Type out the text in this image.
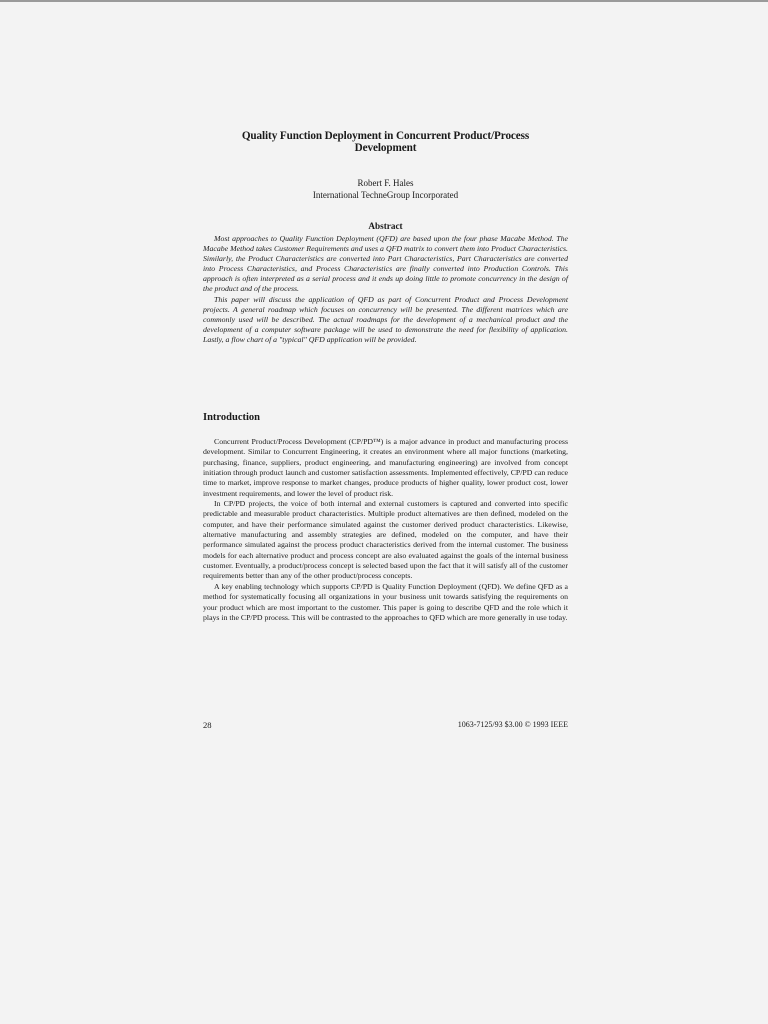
Quality Function Deployment in Concurrent Product/Process
Development
Robert F. Hales
International TechneGroup Incorporated
Abstract

Most approaches to Quality Function Deployment (QFD) are based upon the four phase Macabe Method. The Macabe Method takes Customer Requirements and uses a QFD matrix to convert them into Product Characteristics. Similarly, the Product Characteristics are converted into Part Characteristics, Part Characteristics are converted into Process Characteristics, and Process Characteristics are finally converted into Production Controls. This approach is often interpreted as a serial process and it ends up doing little to promote concurrency in the design of the product and of the process.

This paper will discuss the application of QFD as part of Concurrent Product and Process Development projects. A general roadmap which focuses on concurrency will be presented. The different matrices which are commonly used will be described. The actual roadmaps for the development of a mechanical product and the development of a computer software package will be used to demonstrate the need for flexibility of application. Lastly, a flow chart of a "typical" QFD application will be provided.

Introduction

Concurrent Product/Process Development (CP/PD™) is a major advance in product and manufacturing process development. Similar to Concurrent Engineering, it creates an environment where all major functions (marketing, purchasing, finance, suppliers, product engineering, and manufacturing engineering) are involved from concept initiation through product launch and customer satisfaction assessments. Implemented effectively, CP/PD can reduce time to market, improve response to market changes, produce products of higher quality, lower product cost, lower investment requirements, and lower the level of product risk.

In CP/PD projects, the voice of both internal and external customers is captured and converted into specific predictable and measurable product characteristics. Multiple product alternatives are then defined, modeled on the computer, and have their performance simulated against the customer derived product characteristics. Likewise, alternative manufacturing and assembly strategies are defined, modeled on the computer, and have their performance simulated against the process product characteristics derived from the internal customer. The business models for each alternative product and process concept are also evaluated against the goals of the internal business customer. Eventually, a product/process concept is selected based upon the fact that it will satisfy all of the customer requirements better than any of the other product/process concepts.

A key enabling technology which supports CP/PD is Quality Function Deployment (QFD). We define QFD as a method for systematically focusing all organizations in your business unit towards satisfying the requirements on your product which are most important to the customer. This paper is going to describe QFD and the role which it plays in the CP/PD process. This will be contrasted to the approaches to QFD which are more generally in use today.

28	1063-7125/93 $3.00 © 1993 IEEE
